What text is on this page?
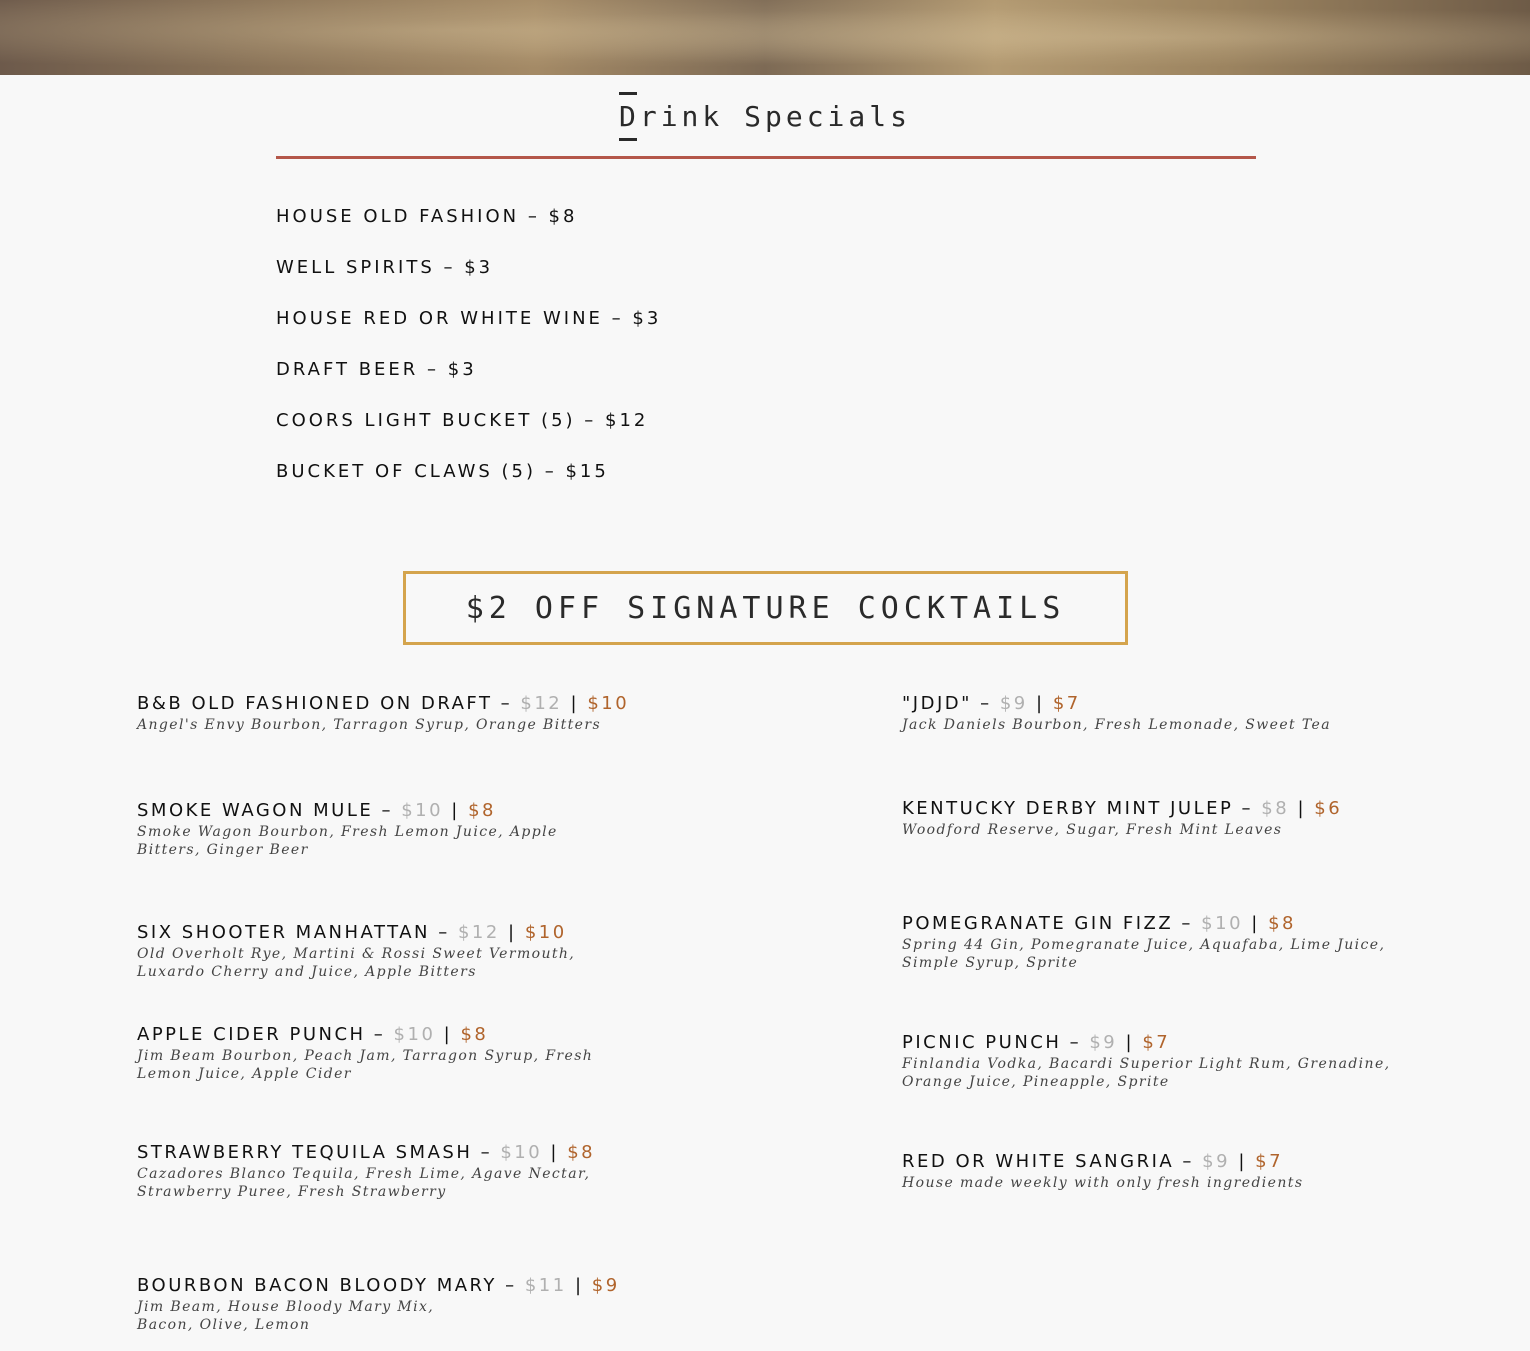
Drink Specials
HOUSE OLD FASHION – $8
WELL SPIRITS – $3
HOUSE RED OR WHITE WINE – $3
DRAFT BEER – $3
COORS LIGHT BUCKET (5) – $12
BUCKET OF CLAWS (5) – $15
$2 OFF SIGNATURE COCKTAILS
B&B OLD FASHIONED ON DRAFT – $12 | $10
Angel's Envy Bourbon, Tarragon Syrup, Orange Bitters
SMOKE WAGON MULE – $10 | $8
Smoke Wagon Bourbon, Fresh Lemon Juice, Apple Bitters, Ginger Beer
SIX SHOOTER MANHATTAN – $12 | $10
Old Overholt Rye, Martini & Rossi Sweet Vermouth, Luxardo Cherry and Juice, Apple Bitters
APPLE CIDER PUNCH – $10 | $8
Jim Beam Bourbon, Peach Jam, Tarragon Syrup, Fresh Lemon Juice, Apple Cider
STRAWBERRY TEQUILA SMASH – $10 | $8
Cazadores Blanco Tequila, Fresh Lime, Agave Nectar, Strawberry Puree, Fresh Strawberry
BOURBON BACON BLOODY MARY – $11 | $9
Jim Beam, House Bloody Mary Mix, Bacon, Olive, Lemon
"JDJD" – $9 | $7
Jack Daniels Bourbon, Fresh Lemonade, Sweet Tea
KENTUCKY DERBY MINT JULEP – $8 | $6
Woodford Reserve, Sugar, Fresh Mint Leaves
POMEGRANATE GIN FIZZ – $10 | $8
Spring 44 Gin, Pomegranate Juice, Aquafaba, Lime Juice, Simple Syrup, Sprite
PICNIC PUNCH – $9 | $7
Finlandia Vodka, Bacardi Superior Light Rum, Grenadine, Orange Juice, Pineapple, Sprite
RED OR WHITE SANGRIA – $9 | $7
House made weekly with only fresh ingredients
